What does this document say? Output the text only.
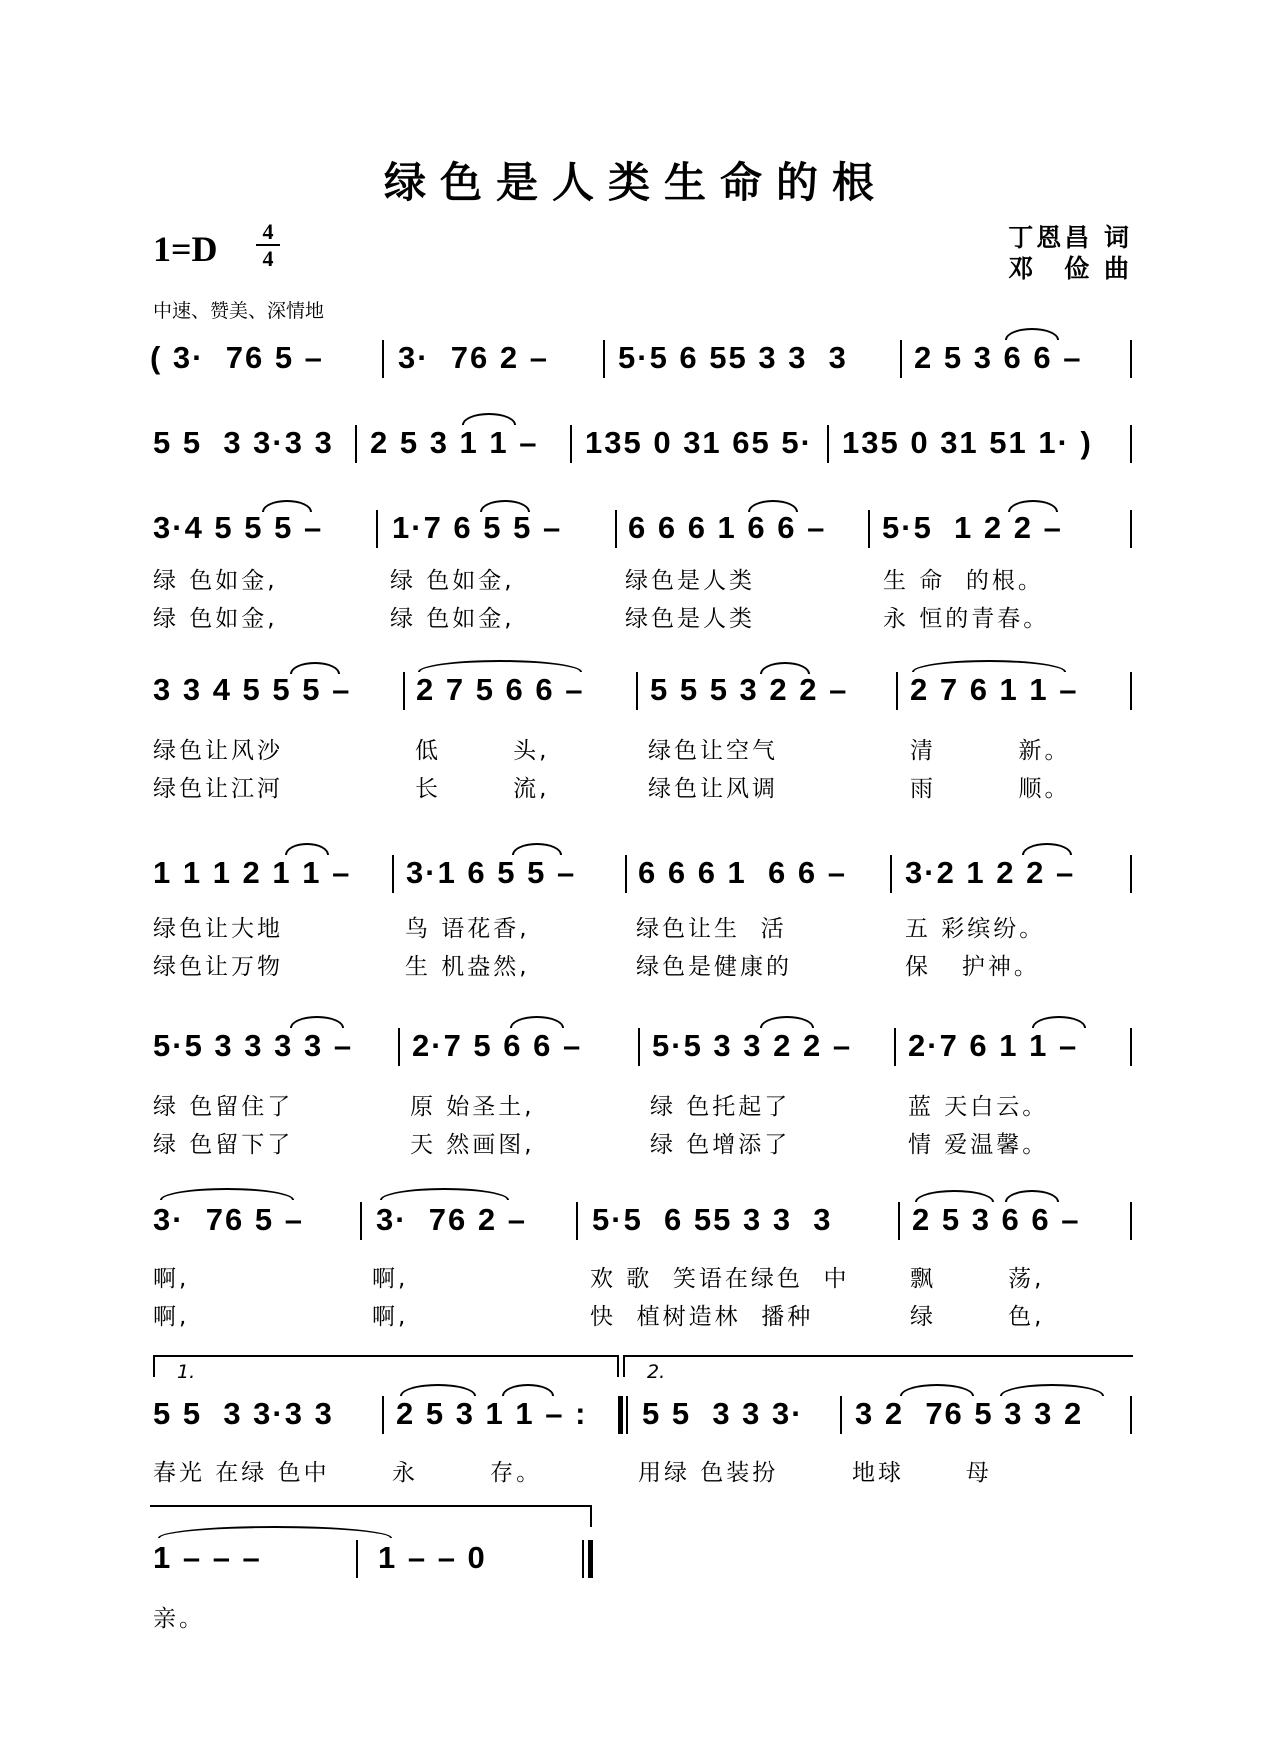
绿色是人类生命的根
1=D 4
4
丁恩昌 词
邓　俭 曲
中速、赞美、深情地
( 3·  76 5 – 3·  76 2 – 5·5 6 55 3 3  3 2 5 3 6 6 –
5 5  3 3·3 3 2 5 3 1 1 – 135 0 31 65 5· 135 0 31 51 1· )
3·4 5 5 5 – 1·7 6 5 5 – 6 6 6 1 6 6 – 5·5  1 2 2 –
绿 色如金,	绿 色如金,	绿色是人类	生 命  的根。
绿 色如金,	绿 色如金,	绿色是人类	永 恒的青春。
3 3 4 5 5 5 – 2 7 5 6 6 – 5 5 5 3 2 2 – 2 7 6 1 1 –
绿色让风沙	低       头,	绿色让空气	清        新。
绿色让江河	长       流,	绿色让风调	雨        顺。
1 1 1 2 1 1 – 3·1 6 5 5 – 6 6 6 1  6 6 – 3·2 1 2 2 –
绿色让大地	鸟 语花香,	绿色让生  活	五 彩缤纷。
绿色让万物	生 机盎然,	绿色是健康的	保   护神。
5·5 3 3 3 3 – 2·7 5 6 6 – 5·5 3 3 2 2 – 2·7 6 1 1 –
绿 色留住了	原 始圣土,	绿 色托起了	蓝 天白云。
绿 色留下了	天 然画图,	绿 色增添了	情 爱温馨。
3·  76 5 – 3·  76 2 – 5·5  6 55 3 3  3	2 5 3 6 6 –
啊,	啊,	欢 歌  笑语在绿色  中	飘       荡,
啊,	啊,	快  植树造林  播种	绿       色,
1.	2.
5 5  3 3·3 3 2 5 3 1 1 – : 5 5  3 3 3· 3 2  76 5 3 3 2
春光 在绿 色中	永       存。	用绿 色装扮	地球      母
1 – – –	1 – – 0
亲。
